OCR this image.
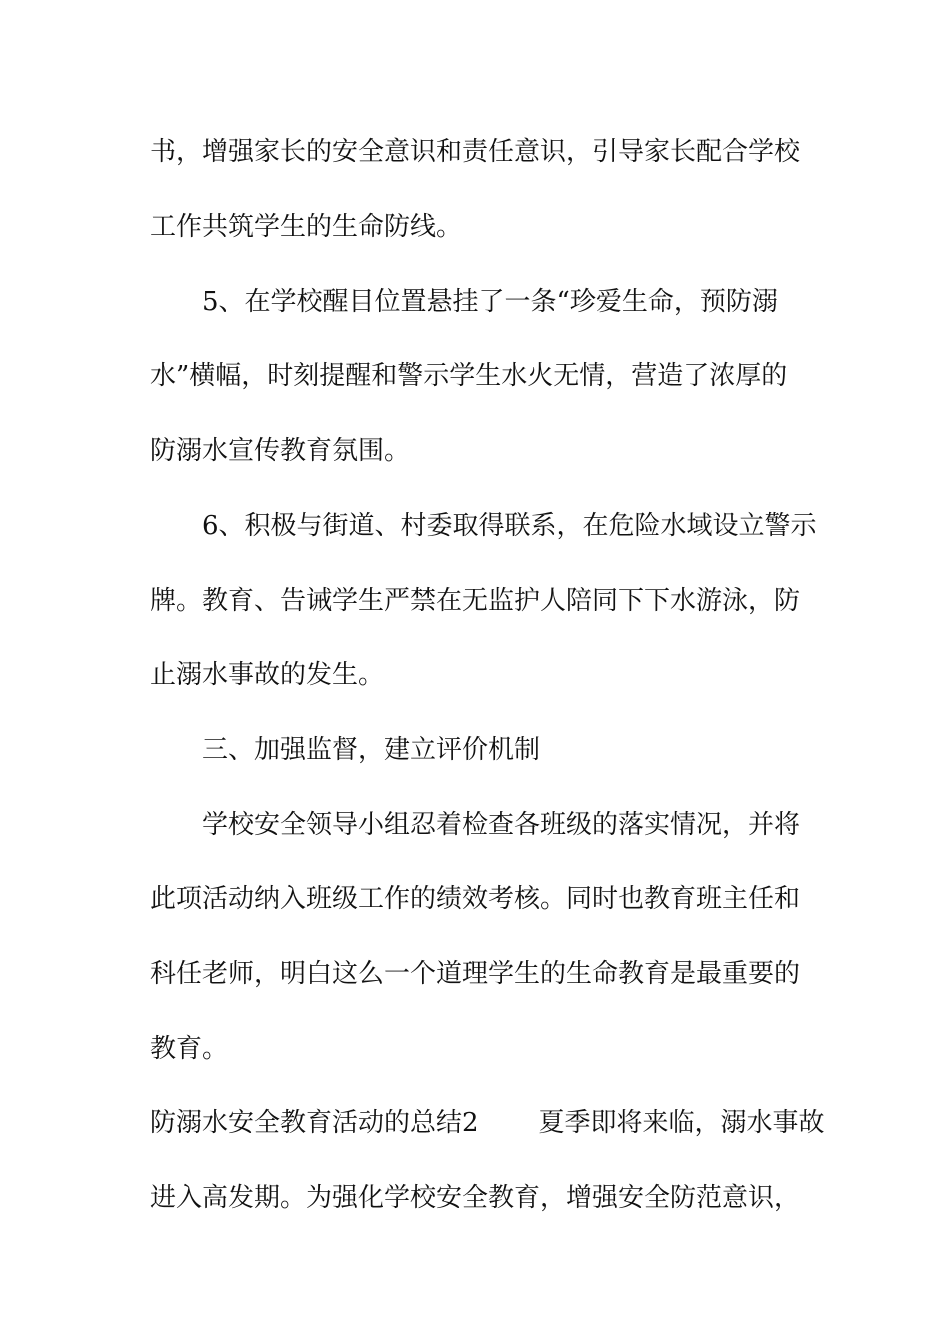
书，增强家长的安全意识和责任意识，引导家长配合学校
工作共筑学生的生命防线。
5、在学校醒目位置悬挂了一条“珍爱生命，预防溺
水”横幅，时刻提醒和警示学生水火无情，营造了浓厚的
防溺水宣传教育氛围。
6、积极与街道、村委取得联系，在危险水域设立警示
牌。教育、告诫学生严禁在无监护人陪同下下水游泳，防
止溺水事故的发生。
三、加强监督，建立评价机制
学校安全领导小组忍着检查各班级的落实情况，并将
此项活动纳入班级工作的绩效考核。同时也教育班主任和
科任老师，明白这么一个道理学生的生命教育是最重要的
教育。
防溺水安全教育活动的总结2 夏季即将来临，溺水事故
进入高发期。为强化学校安全教育，增强安全防范意识，
